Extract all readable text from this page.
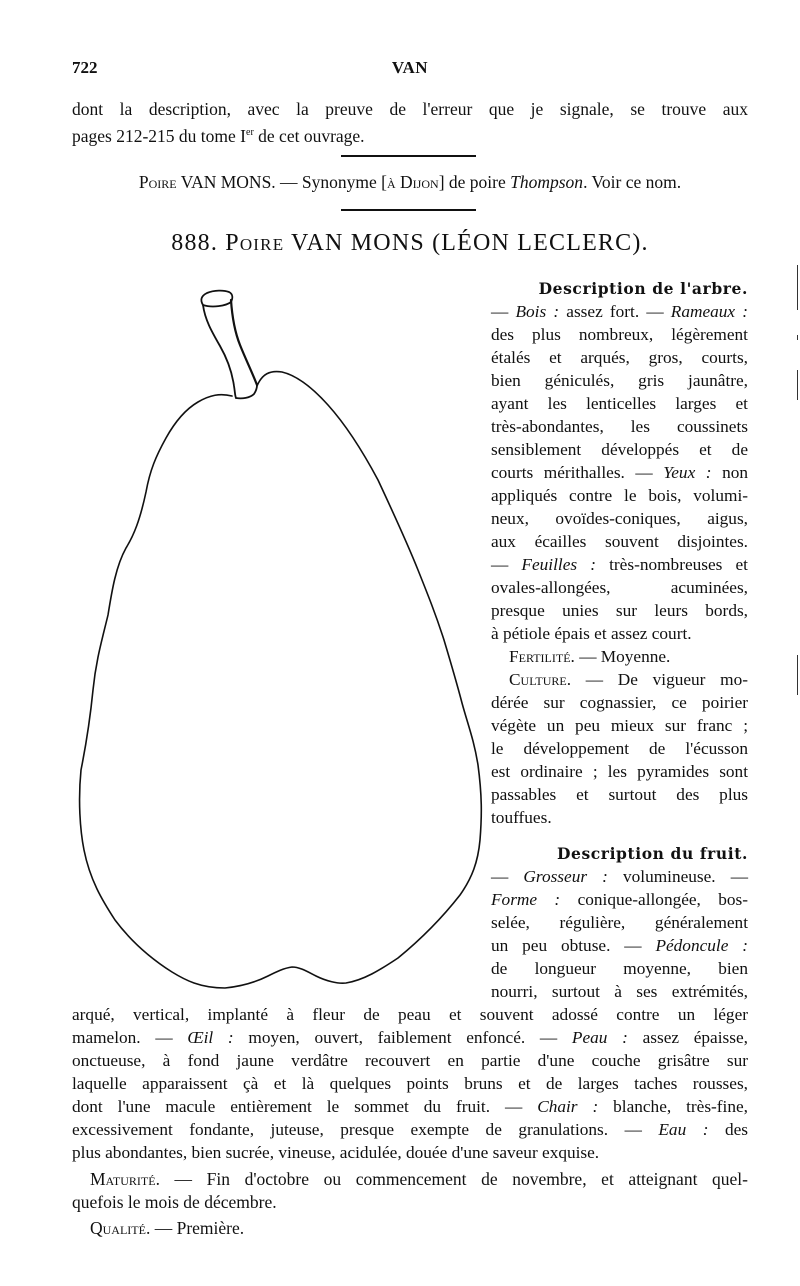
722	VAN
dont la description, avec la preuve de l'erreur que je signale, se trouve aux
pages 212-215 du tome Ier de cet ouvrage.
Poire VAN MONS. — Synonyme [à Dijon] de poire Thompson. Voir ce nom.
888. Poire VAN MONS (LÉON LECLERC).
Description de l'arbre.
— Bois : assez fort. — Rameaux :
des plus nombreux, légèrement
étalés et arqués, gros, courts,
bien géniculés, gris jaunâtre,
ayant les lenticelles larges et
très-abondantes, les coussinets
sensiblement développés et de
courts mérithalles. — Yeux : non
appliqués contre le bois, volumi-
neux, ovoïdes-coniques, aigus,
aux écailles souvent disjointes.
— Feuilles : très-nombreuses et
ovales-allongées, acuminées,
presque unies sur leurs bords,
à pétiole épais et assez court.
Fertilité. — Moyenne.
Culture. — De vigueur mo-
dérée sur cognassier, ce poirier
végète un peu mieux sur franc ;
le développement de l'écusson
est ordinaire ; les pyramides sont
passables et surtout des plus
touffues.
Description du fruit.
— Grosseur : volumineuse. —
Forme : conique-allongée, bos-
selée, régulière, généralement
un peu obtuse. — Pédoncule :
de longueur moyenne, bien
nourri, surtout à ses extrémités,
arqué, vertical, implanté à fleur de peau et souvent adossé contre un léger
mamelon. — Œil : moyen, ouvert, faiblement enfoncé. — Peau : assez épaisse,
onctueuse, à fond jaune verdâtre recouvert en partie d'une couche grisâtre sur
laquelle apparaissent çà et là quelques points bruns et de larges taches rousses,
dont l'une macule entièrement le sommet du fruit. — Chair : blanche, très-fine,
excessivement fondante, juteuse, presque exempte de granulations. — Eau : des
plus abondantes, bien sucrée, vineuse, acidulée, douée d'une saveur exquise.
Maturité. — Fin d'octobre ou commencement de novembre, et atteignant quel-
quefois le mois de décembre.
Qualité. — Première.
